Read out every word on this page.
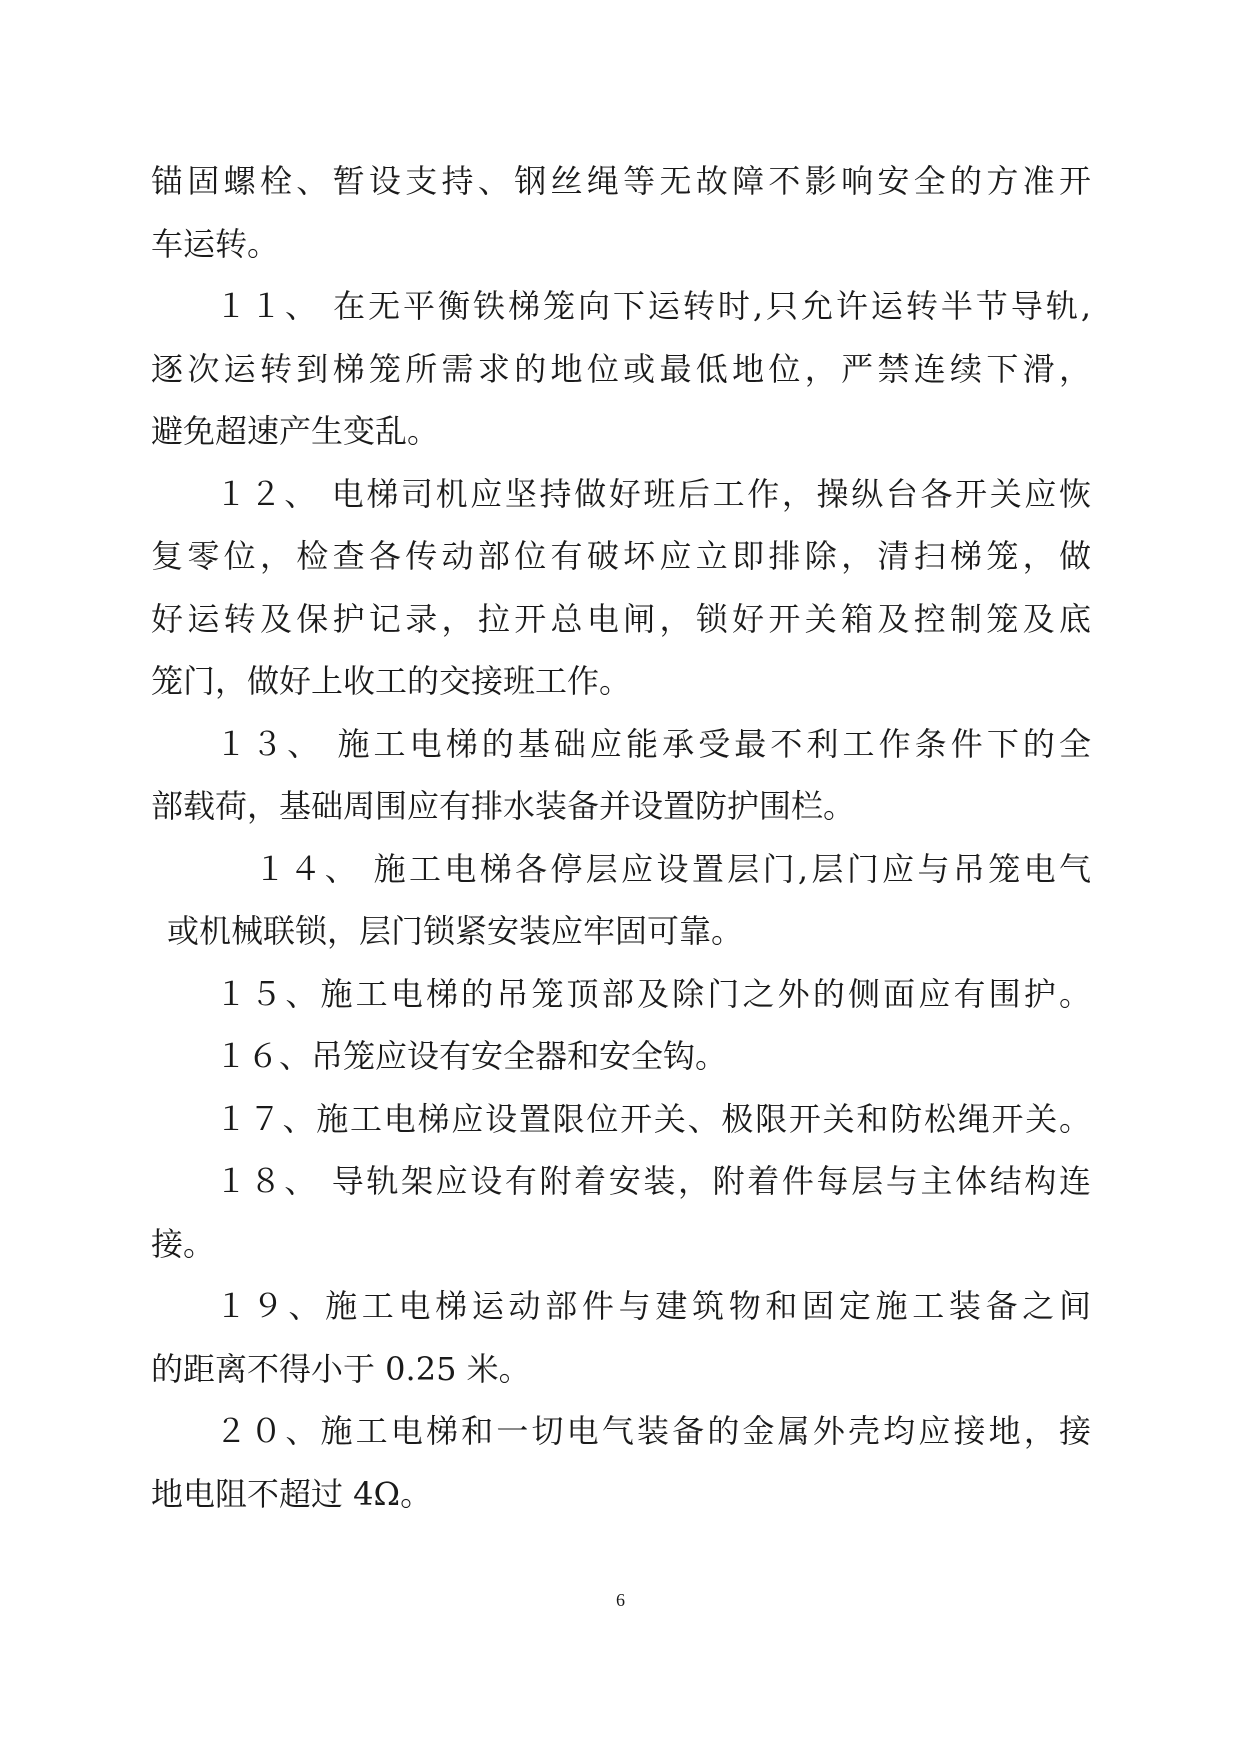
锚固螺栓、暂设支持、钢丝绳等无故障不影响安全的方准开
车运转。
１１、 在无平衡铁梯笼向下运转时,只允许运转半节导轨,
逐次运转到梯笼所需求的地位或最低地位，严禁连续下滑，
避免超速产生变乱。
１２、 电梯司机应坚持做好班后工作，操纵台各开关应恢
复零位，检查各传动部位有破坏应立即排除，清扫梯笼，做
好运转及保护记录，拉开总电闸，锁好开关箱及控制笼及底
笼门，做好上收工的交接班工作。
１３、 施工电梯的基础应能承受最不利工作条件下的全
部载荷，基础周围应有排水装备并设置防护围栏。
１４、 施工电梯各停层应设置层门,层门应与吊笼电气
或机械联锁，层门锁紧安装应牢固可靠。
１５、施工电梯的吊笼顶部及除门之外的侧面应有围护。
１６、吊笼应设有安全器和安全钩。
１７、施工电梯应设置限位开关、极限开关和防松绳开关。
１８、 导轨架应设有附着安装，附着件每层与主体结构连
接。
１９、施工电梯运动部件与建筑物和固定施工装备之间
的距离不得小于 0.25 米。
２０、施工电梯和一切电气装备的金属外壳均应接地，接
地电阻不超过 4Ω。
6
